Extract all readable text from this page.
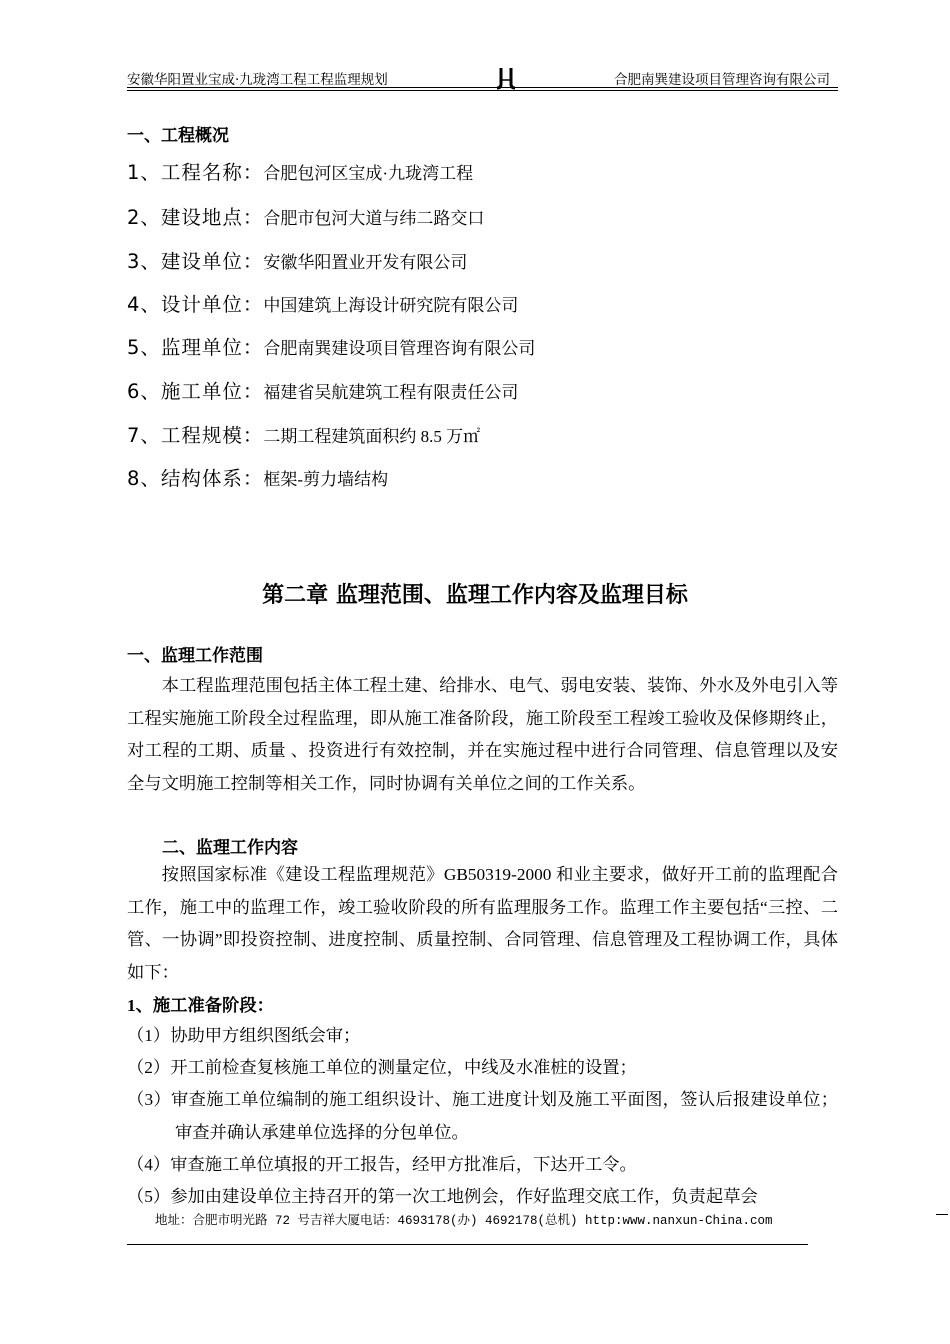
安徽华阳置业宝成·九珑湾工程工程监理规划	合肥南巽建设项目管理咨询有限公司
一、工程概况
1、工程名称：合肥包河区宝成·九珑湾工程
2、建设地点：合肥市包河大道与纬二路交口
3、建设单位：安徽华阳置业开发有限公司
4、设计单位：中国建筑上海设计研究院有限公司
5、监理单位：合肥南巽建设项目管理咨询有限公司
6、施工单位：福建省吴航建筑工程有限责任公司
7、工程规模：二期工程建筑面积约 8.5 万㎡
8、结构体系：框架-剪力墙结构
第二章 监理范围、监理工作内容及监理目标
一、监理工作范围
本工程监理范围包括主体工程土建、给排水、电气、弱电安装、装饰、外水及外电引入等工程实施施工阶段全过程监理，即从施工准备阶段，施工阶段至工程竣工验收及保修期终止，对工程的工期、质量 、投资进行有效控制，并在实施过程中进行合同管理、信息管理以及安全与文明施工控制等相关工作，同时协调有关单位之间的工作关系。
二、监理工作内容
按照国家标准《建设工程监理规范》GB50319-2000 和业主要求，做好开工前的监理配合工作，施工中的监理工作，竣工验收阶段的所有监理服务工作。监理工作主要包括“三控、二管、一协调”即投资控制、进度控制、质量控制、合同管理、信息管理及工程协调工作，具体如下：
1、施工准备阶段：
（1）协助甲方组织图纸会审；
（2）开工前检查复核施工单位的测量定位，中线及水准桩的设置；
（3）审查施工单位编制的施工组织设计、施工进度计划及施工平面图，签认后报建设单位；审查并确认承建单位选择的分包单位。
（4）审查施工单位填报的开工报告，经甲方批准后，下达开工令。
（5）参加由建设单位主持召开的第一次工地例会，作好监理交底工作，负责起草会
地址：合肥市明光路 72 号吉祥大厦电话：4693178(办) 4692178(总机) http:www.nanxun-China.com
